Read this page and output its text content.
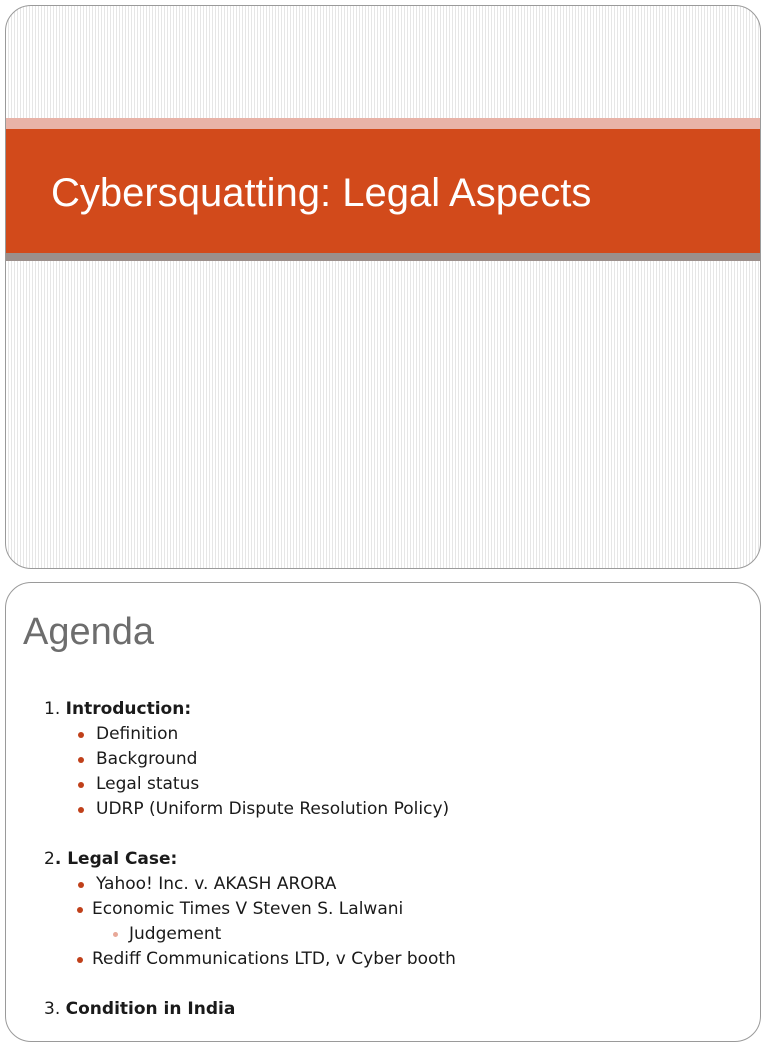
Cybersquatting: Legal Aspects
Agenda
1. Introduction:
Definition
Background
Legal status
UDRP (Uniform Dispute Resolution Policy)
2. Legal Case:
Yahoo! Inc. v. AKASH ARORA
Economic Times V Steven S. Lalwani
Judgement
Rediff Communications LTD, v Cyber booth
3. Condition in India
